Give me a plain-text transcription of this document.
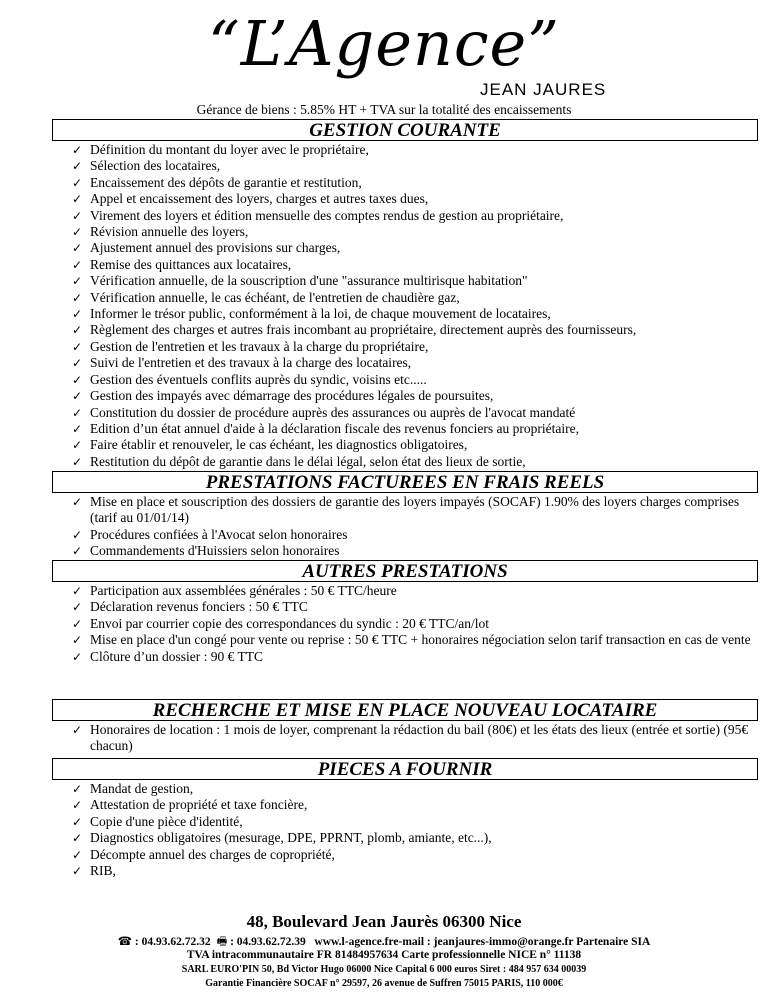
“L’Agence”
JEAN JAURES
Gérance de biens : 5.85% HT + TVA sur la totalité des encaissements
GESTION COURANTE
✓ Définition du montant du loyer avec le propriétaire,
✓ Sélection des locataires,
✓ Encaissement des dépôts de garantie et restitution,
✓ Appel et encaissement des loyers, charges et autres taxes dues,
✓ Virement des loyers et édition mensuelle des comptes rendus de gestion au propriétaire,
✓ Révision annuelle des loyers,
✓ Ajustement annuel des provisions sur charges,
✓ Remise des quittances aux locataires,
✓ Vérification annuelle, de la souscription d'une "assurance multirisque habitation"
✓ Vérification annuelle, le cas échéant, de l'entretien de chaudière gaz,
✓ Informer le trésor public, conformément à la loi, de chaque mouvement de locataires,
✓ Règlement des charges et autres frais incombant au propriétaire, directement auprès des fournisseurs,
✓ Gestion de l'entretien et les travaux à la charge du propriétaire,
✓ Suivi de l'entretien et des travaux à la charge des locataires,
✓ Gestion des éventuels conflits auprès du syndic, voisins etc.....
✓ Gestion des impayés avec démarrage des procédures légales de poursuites,
✓ Constitution du dossier de procédure auprès des assurances ou auprès de l'avocat mandaté
✓ Edition d’un état annuel d'aide à la déclaration fiscale des revenus fonciers au propriétaire,
✓ Faire établir et renouveler, le cas échéant, les diagnostics obligatoires,
✓ Restitution du dépôt de garantie dans le délai légal, selon état des lieux de sortie,
PRESTATIONS FACTUREES EN FRAIS REELS
✓ Mise en place et souscription des dossiers de garantie des loyers impayés (SOCAF) 1.90% des loyers charges comprises (tarif au 01/01/14)
✓ Procédures confiées à l'Avocat selon honoraires
✓ Commandements d'Huissiers selon honoraires
AUTRES PRESTATIONS
✓ Participation aux assemblées générales : 50 € TTC/heure
✓ Déclaration revenus fonciers : 50 € TTC
✓ Envoi par courrier copie des correspondances du syndic : 20 € TTC/an/lot
✓ Mise en place d'un congé pour vente ou reprise : 50 € TTC + honoraires négociation selon tarif transaction en cas de vente
✓ Clôture d’un dossier : 90 € TTC
RECHERCHE ET MISE EN PLACE NOUVEAU LOCATAIRE
✓ Honoraires de location : 1 mois de loyer, comprenant la rédaction du bail (80€) et les états des lieux (entrée et sortie) (95€ chacun)
PIECES A FOURNIR
✓ Mandat de gestion,
✓ Attestation de propriété et taxe foncière,
✓ Copie d'une pièce d'identité,
✓ Diagnostics obligatoires (mesurage, DPE, PPRNT, plomb, amiante, etc...),
✓ Décompte annuel des charges de copropriété,
✓ RIB,
48, Boulevard Jean Jaurès 06300 Nice
☎ : 04.93.62.72.32 🖷 : 04.93.62.72.39 www.l-agence.fre-mail : jeanjaures-immo@orange.fr Partenaire SIA
TVA intracommunautaire FR 81484957634 Carte professionnelle NICE n° 11138
SARL EURO'PIN 50, Bd Victor Hugo 06000 Nice Capital 6 000 euros Siret : 484 957 634 00039
Garantie Financière SOCAF n° 29597, 26 avenue de Suffren 75015 PARIS, 110 000€
